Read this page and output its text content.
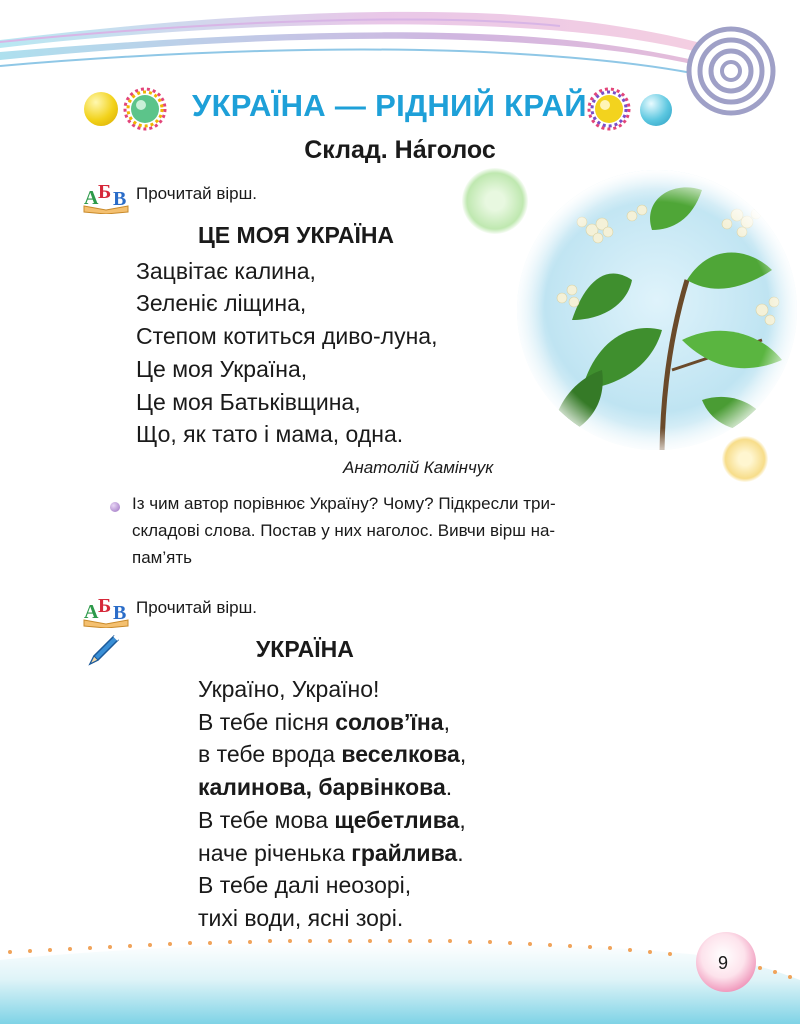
УКРАЇНА — РІДНИЙ КРАЙ
Склад. На́голос
А Б В Прочитай вірш.
ЦЕ МОЯ УКРАЇНА
Зацвітає калина,
Зеленіє ліщина,
Степом котиться диво-луна,
Це моя Україна,
Це моя Батьківщина,
Що, як тато і мама, одна.
Анатолій Камінчук
Із чим автор порівнює Україну? Чому? Підкресли три-
складові слова. Постав у них наголос. Вивчи вірш на-
пам’ять
А Б В Прочитай вірш.
УКРАЇНА
Україно, Україно!
В тебе пісня солов’їна,
в тебе врода веселкова,
калинова, барвінкова.
В тебе мова щебетлива,
наче річенька грайлива.
В тебе далі неозорі,
тихі води, ясні зорі.
9
